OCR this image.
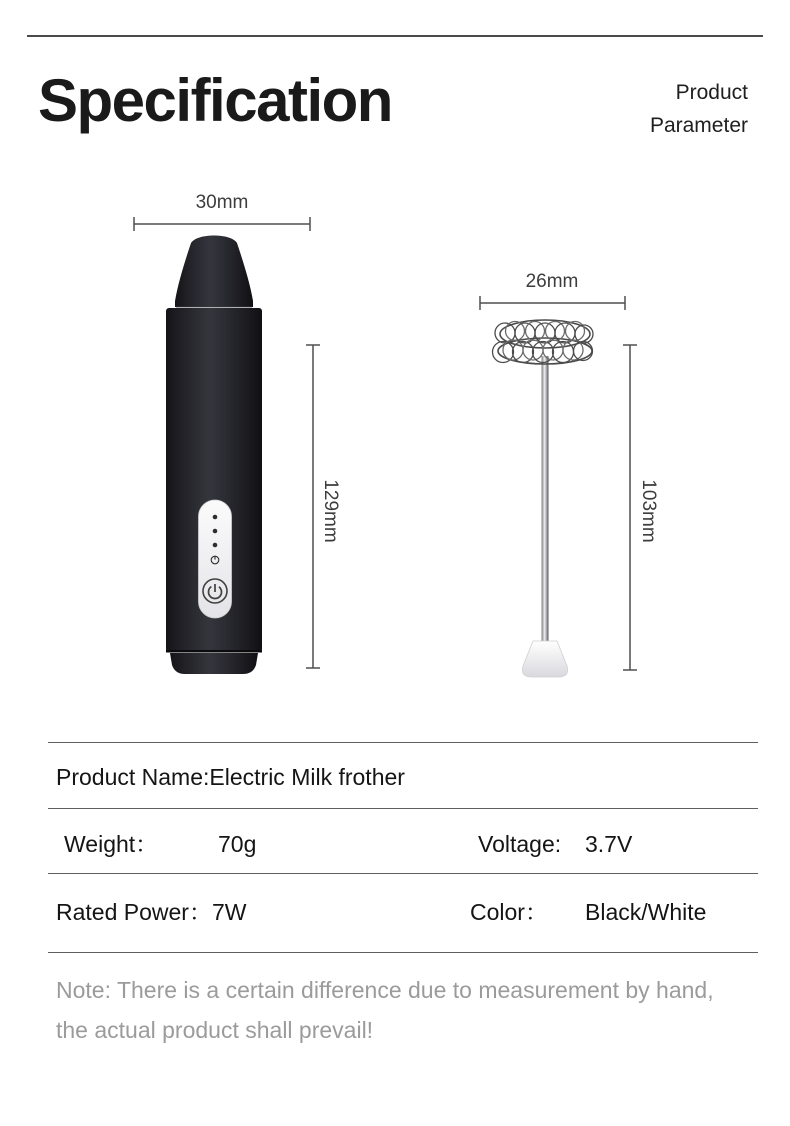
Specification	Product
Parameter
30mm
26mm
129mm	103mm
Product Name:Electric Milk frother
Weight：	70g	Voltage: 3.7V
Rated Power： 7W	Color： Black/White
Note: There is a certain difference due to measurement by hand,
the actual product shall prevail!
